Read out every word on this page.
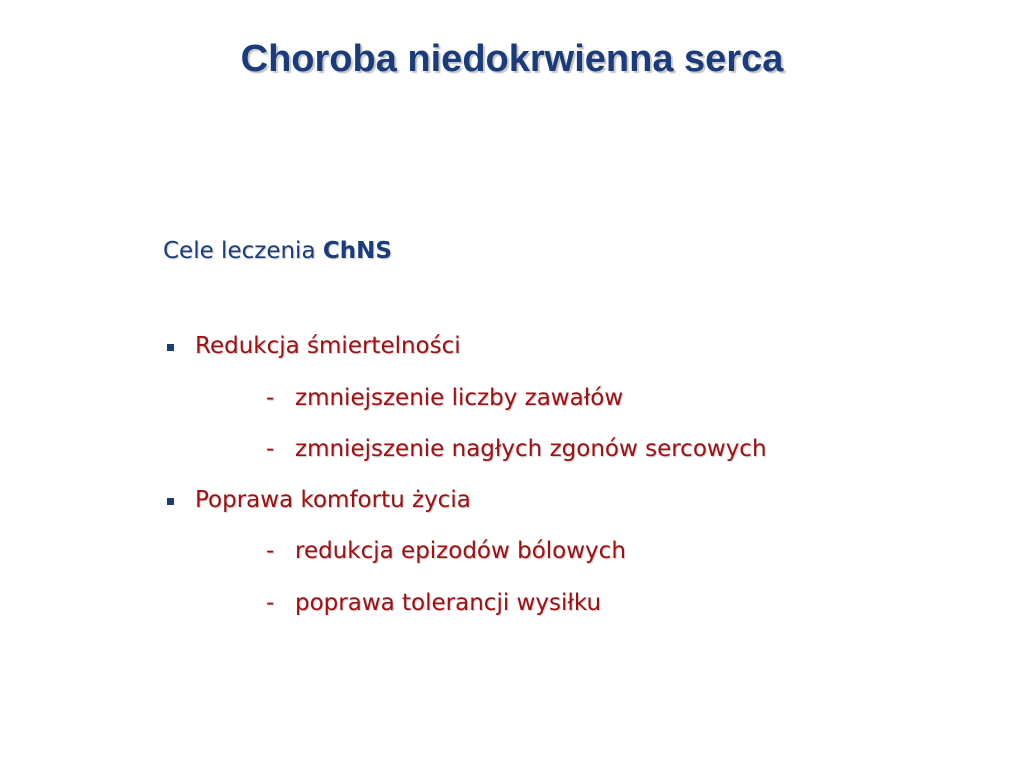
Choroba niedokrwienna serca
Cele leczenia ChNS
Redukcja śmiertelności
- zmniejszenie liczby zawałów
- zmniejszenie nagłych zgonów sercowych
Poprawa komfortu życia
- redukcja epizodów bólowych
- poprawa tolerancji wysiłku
